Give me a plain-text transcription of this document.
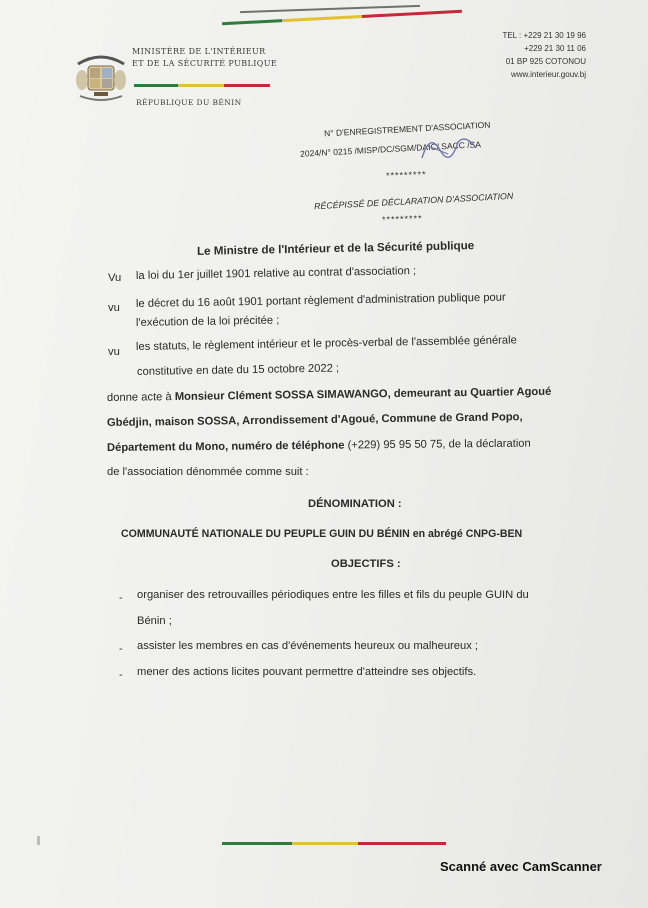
MINISTÈRE DE L'INTÉRIEUR
ET DE LA SÉCURITÉ PUBLIQUE
RÉPUBLIQUE DU BÉNIN
TEL : +229 21 30 19 96
+229 21 30 11 06
01 BP 925 COTONOU
www.interieur.gouv.bj
N° D'ENREGISTREMENT D'ASSOCIATION
2024/N° 0215 /MISP/DC/SGM/DAIC/ SACC /SA
*********
RÉCÉPISSÉ DE DÉCLARATION D'ASSOCIATION
*********
Le Ministre de l'Intérieur et de la Sécurité publique
Vu la loi du 1er juillet 1901 relative au contrat d'association ;
vu le décret du 16 août 1901 portant règlement d'administration publique pour
l'exécution de la loi précitée ;
vu les statuts, le règlement intérieur et le procès-verbal de l'assemblée générale
constitutive en date du 15 octobre 2022 ;
donne acte à Monsieur Clément SOSSA SIMAWANGO, demeurant au Quartier Agoué
Gbédjin, maison SOSSA, Arrondissement d'Agoué, Commune de Grand Popo,
Département du Mono, numéro de téléphone (+229) 95 95 50 75, de la déclaration
de l'association dénommée comme suit :
DÉNOMINATION :
COMMUNAUTÉ NATIONALE DU PEUPLE GUIN DU BÉNIN en abrégé CNPG-BEN
OBJECTIFS :
- organiser des retrouvailles périodiques entre les filles et fils du peuple GUIN du
Bénin ;
- assister les membres en cas d'événements heureux ou malheureux ;
- mener des actions licites pouvant permettre d'atteindre ses objectifs.
Scanné avec CamScanner
